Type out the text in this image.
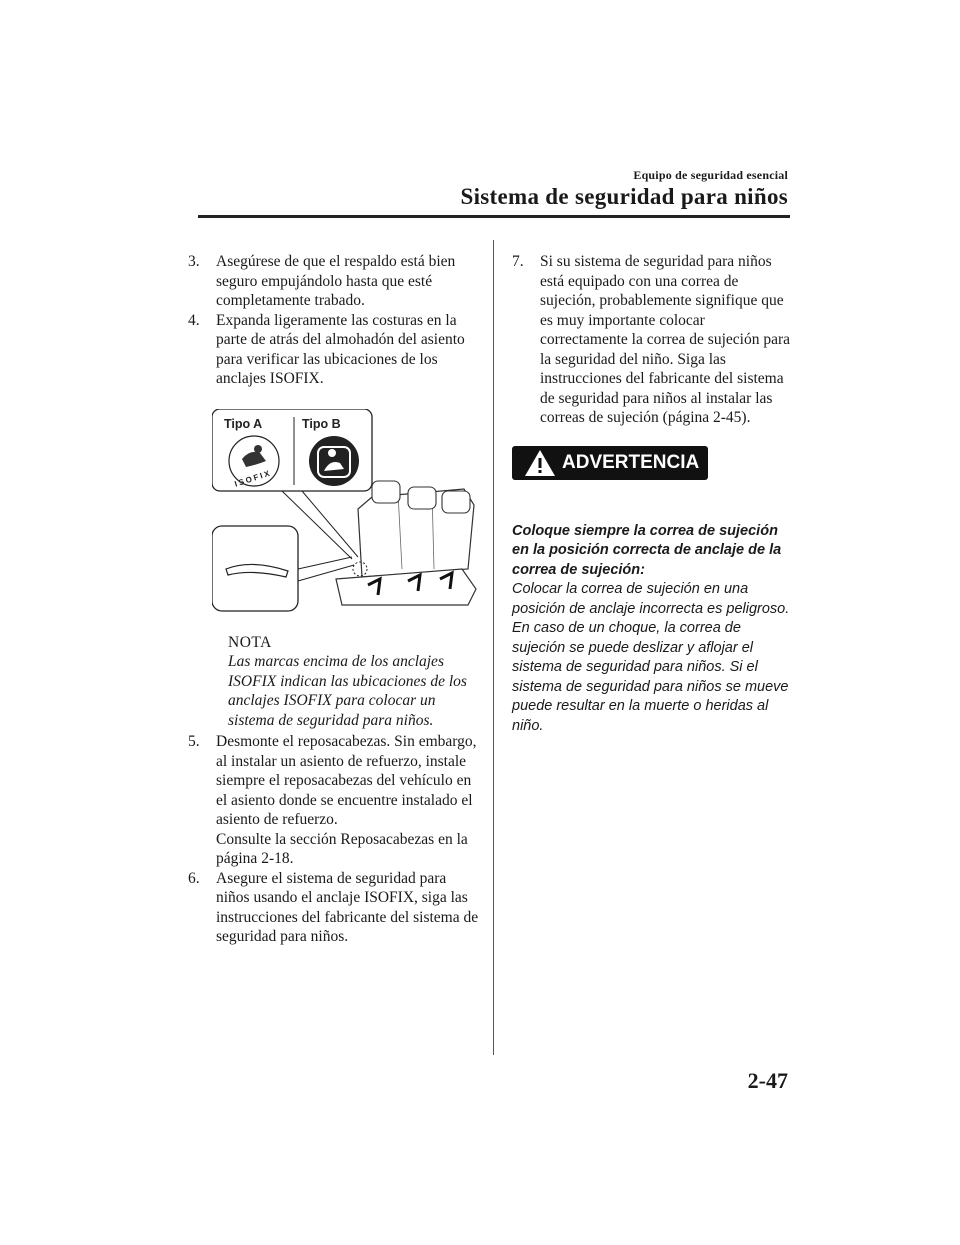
Equipo de seguridad esencial
Sistema de seguridad para niños
3. Asegúrese de que el respaldo está bien seguro empujándolo hasta que esté completamente trabado.

4. Expanda ligeramente las costuras en la parte de atrás del almohadón del asiento para verificar las ubicaciones de los anclajes ISOFIX.

Tipo A	Tipo B
ISOFIX
NOTA
Las marcas encima de los anclajes ISOFIX indican las ubicaciones de los anclajes ISOFIX para colocar un sistema de seguridad para niños.
5. Desmonte el reposacabezas. Sin embargo, al instalar un asiento de refuerzo, instale siempre el reposacabezas del vehículo en el asiento donde se encuentre instalado el asiento de refuerzo.

Consulte la sección Reposacabezas en la página 2-18.

6. Asegure el sistema de seguridad para niños usando el anclaje ISOFIX, siga las instrucciones del fabricante del sistema de seguridad para niños.

7. Si su sistema de seguridad para niños está equipado con una correa de sujeción, probablemente signifique que es muy importante colocar correctamente la correa de sujeción para la seguridad del niño. Siga las instrucciones del fabricante del sistema de seguridad para niños al instalar las correas de sujeción (página 2-45).

ADVERTENCIA
Coloque siempre la correa de sujeción en la posición correcta de anclaje de la correa de sujeción:
Colocar la correa de sujeción en una posición de anclaje incorrecta es peligroso. En caso de un choque, la correa de sujeción se puede deslizar y aflojar el sistema de seguridad para niños. Si el sistema de seguridad para niños se mueve puede resultar en la muerte o heridas al niño.
2-47
